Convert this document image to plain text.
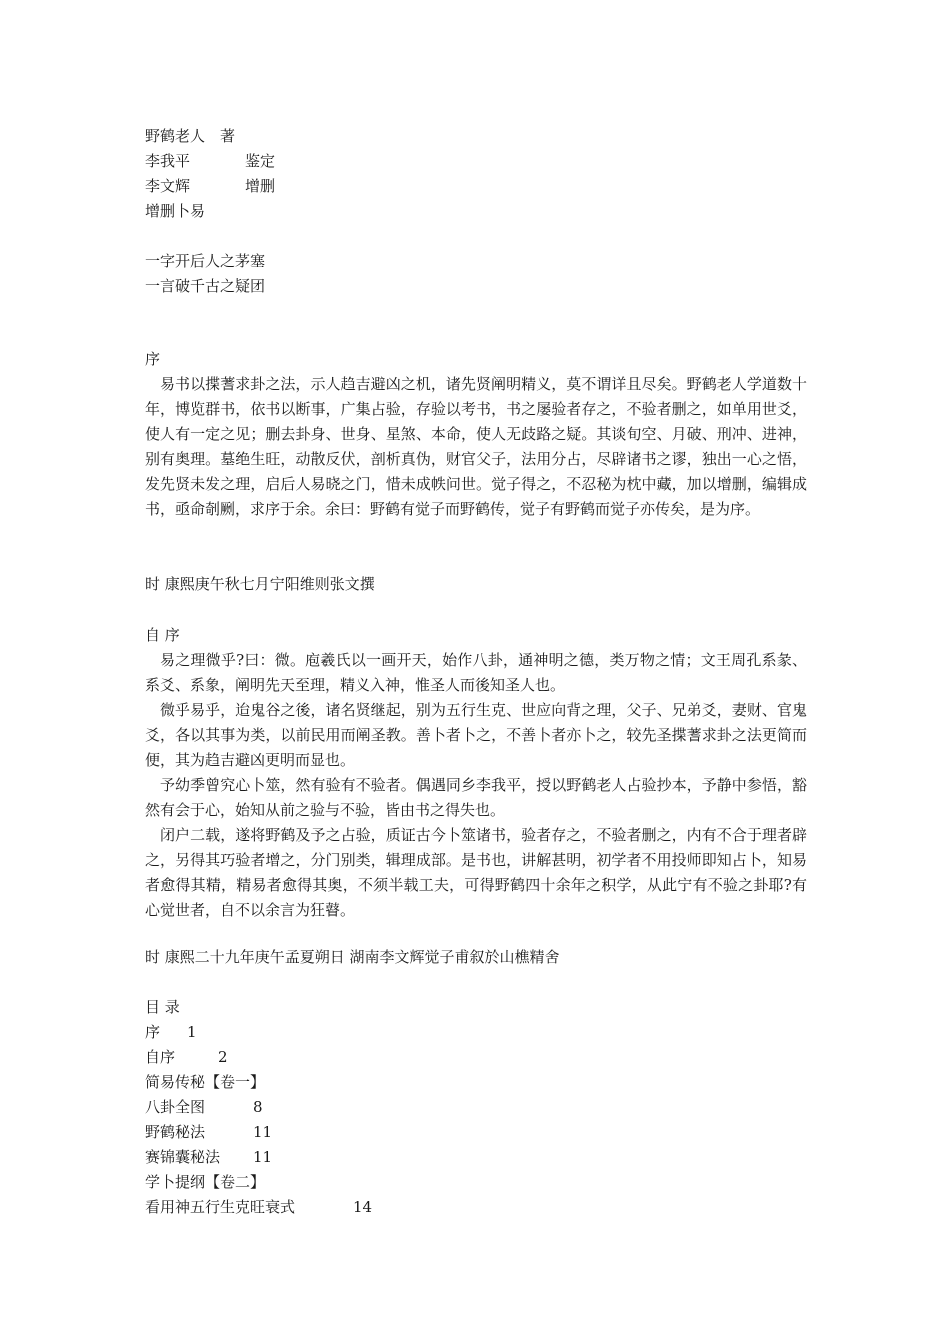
野鹤老人　著
李我平	鉴定
李文辉	增删
增删卜易
一字开后人之茅塞
一言破千古之疑团
序
易书以揲蓍求卦之法，示人趋吉避凶之机，诸先贤阐明精义，莫不谓详且尽矣。野鹤老人学道数十年，博览群书，依书以断事，广集占验，存验以考书，书之屡验者存之，不验者删之，如单用世爻，使人有一定之见；删去卦身、世身、星煞、本命，使人无歧路之疑。其谈旬空、月破、刑冲、进神，别有奥理。墓绝生旺，动散反伏，剖析真伪，财官父子，法用分占，尽辟诸书之谬，独出一心之悟，发先贤未发之理，启后人易晓之门，惜未成帙问世。觉子得之，不忍秘为枕中藏，加以增删，编辑成书，亟命剞劂，求序于余。余曰：野鹤有觉子而野鹤传，觉子有野鹤而觉子亦传矣，是为序。
时 康熙庚午秋七月宁阳维则张文撰
自 序
易之理微乎?曰：微。庖羲氏以一画开天，始作八卦，通神明之德，类万物之情；文王周孔系彖、系爻、系象，阐明先天至理，精义入神，惟圣人而後知圣人也。
微乎易乎，迨鬼谷之後，诸名贤继起，别为五行生克、世应向背之理，父子、兄弟爻，妻财、官鬼爻，各以其事为类，以前民用而阐圣教。善卜者卜之，不善卜者亦卜之，较先圣揲蓍求卦之法更简而便，其为趋吉避凶更明而显也。
予幼季曾究心卜筮，然有验有不验者。偶遇同乡李我平，授以野鹤老人占验抄本，予静中参悟，豁然有会于心，始知从前之验与不验，皆由书之得失也。
闭户二载，遂将野鹤及予之占验，质证古今卜筮诸书，验者存之，不验者删之，内有不合于理者辟之，另得其巧验者增之，分门别类，辑理成部。是书也，讲解甚明，初学者不用投师即知占卜，知易者愈得其精，精易者愈得其奥，不须半载工夫，可得野鹤四十余年之积学，从此宁有不验之卦耶?有心觉世者，自不以余言为狂瞽。
时 康熙二十九年庚午孟夏朔日 湖南李文辉觉子甫叙於山樵精舍
目 录
序	1
自序	2
简易传秘【卷一】
八卦全图	8
野鹤秘法	11
赛锦囊秘法	11
学卜提纲【卷二】
看用神五行生克旺衰式	14
